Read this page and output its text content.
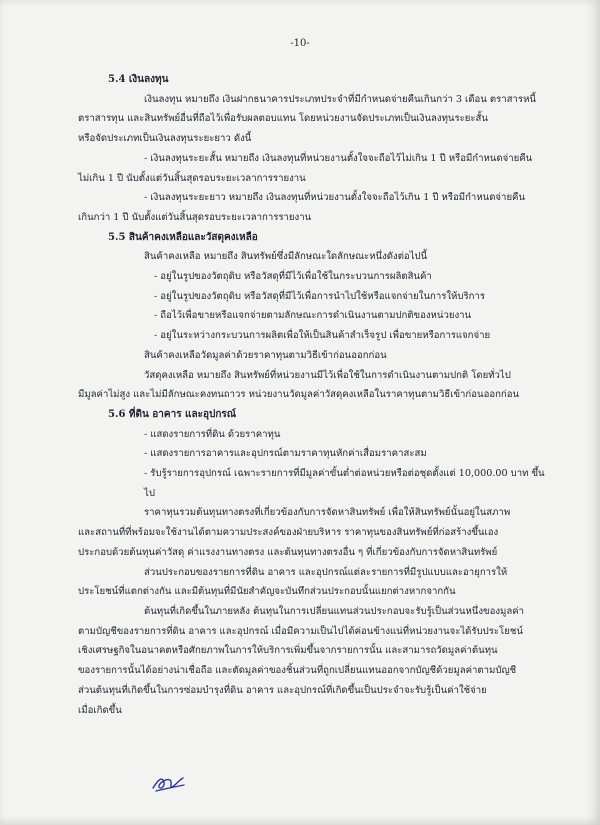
-10-

5.4 เงินลงทุน

เงินลงทุน หมายถึง เงินฝากธนาคารประเภทประจำที่มีกำหนดจ่ายคืนเกินกว่า 3 เดือน ตราสารหนี้

ตราสารทุน และสินทรัพย์อื่นที่ถือไว้เพื่อรับผลตอบแทน โดยหน่วยงานจัดประเภทเป็นเงินลงทุนระยะสั้น

หรือจัดประเภทเป็นเงินลงทุนระยะยาว ดังนี้

- เงินลงทุนระยะสั้น หมายถึง เงินลงทุนที่หน่วยงานตั้งใจจะถือไว้ไม่เกิน 1 ปี หรือมีกำหนดจ่ายคืน

ไม่เกิน 1 ปี นับตั้งแต่วันสิ้นสุดรอบระยะเวลาการรายงาน

- เงินลงทุนระยะยาว หมายถึง เงินลงทุนที่หน่วยงานตั้งใจจะถือไว้เกิน 1 ปี หรือมีกำหนดจ่ายคืน

เกินกว่า 1 ปี นับตั้งแต่วันสิ้นสุดรอบระยะเวลาการรายงาน

5.5 สินค้าคงเหลือและวัสดุคงเหลือ

สินค้าคงเหลือ หมายถึง สินทรัพย์ซึ่งมีลักษณะใดลักษณะหนึ่งดังต่อไปนี้

- อยู่ในรูปของวัตถุดิบ หรือวัสดุที่มีไว้เพื่อใช้ในกระบวนการผลิตสินค้า

- อยู่ในรูปของวัตถุดิบ หรือวัสดุที่มีไว้เพื่อการนำไปใช้หรือแจกจ่ายในการให้บริการ

- ถือไว้เพื่อขายหรือแจกจ่ายตามลักษณะการดำเนินงานตามปกติของหน่วยงาน

- อยู่ในระหว่างกระบวนการผลิตเพื่อให้เป็นสินค้าสำเร็จรูป เพื่อขายหรือการแจกจ่าย

สินค้าคงเหลือวัดมูลค่าด้วยราคาทุนตามวิธีเข้าก่อนออกก่อน

วัสดุคงเหลือ หมายถึง สินทรัพย์ที่หน่วยงานมีไว้เพื่อใช้ในการดำเนินงานตามปกติ โดยทั่วไป

มีมูลค่าไม่สูง และไม่มีลักษณะคงทนถาวร หน่วยงานวัดมูลค่าวัสดุคงเหลือในราคาทุนตามวิธีเข้าก่อนออกก่อน

5.6 ที่ดิน อาคาร และอุปกรณ์

- แสดงรายการที่ดิน ด้วยราคาทุน

- แสดงรายการอาคารและอุปกรณ์ตามราคาทุนหักค่าเสื่อมราคาสะสม

- รับรู้รายการอุปกรณ์ เฉพาะรายการที่มีมูลค่าขั้นต่ำต่อหน่วยหรือต่อชุดตั้งแต่ 10,000.00 บาท ขึ้นไป

ราคาทุนรวมต้นทุนทางตรงที่เกี่ยวข้องกับการจัดหาสินทรัพย์ เพื่อให้สินทรัพย์นั้นอยู่ในสภาพ

และสถานที่ที่พร้อมจะใช้งานได้ตามความประสงค์ของฝ่ายบริหาร ราคาทุนของสินทรัพย์ที่ก่อสร้างขึ้นเอง

ประกอบด้วยต้นทุนค่าวัสดุ ค่าแรงงานทางตรง และต้นทุนทางตรงอื่น ๆ ที่เกี่ยวข้องกับการจัดหาสินทรัพย์

ส่วนประกอบของรายการที่ดิน อาคาร และอุปกรณ์แต่ละรายการที่มีรูปแบบและอายุการให้

ประโยชน์ที่แตกต่างกัน และมีต้นทุนที่มีนัยสำคัญจะบันทึกส่วนประกอบนั้นแยกต่างหากจากกัน

ต้นทุนที่เกิดขึ้นในภายหลัง ต้นทุนในการเปลี่ยนแทนส่วนประกอบจะรับรู้เป็นส่วนหนึ่งของมูลค่า

ตามบัญชีของรายการที่ดิน อาคาร และอุปกรณ์ เมื่อมีความเป็นไปได้ค่อนข้างแน่ที่หน่วยงานจะได้รับประโยชน์

เชิงเศรษฐกิจในอนาคตหรือศักยภาพในการให้บริการเพิ่มขึ้นจากรายการนั้น และสามารถวัดมูลค่าต้นทุน

ของรายการนั้นได้อย่างน่าเชื่อถือ และตัดมูลค่าของชิ้นส่วนที่ถูกเปลี่ยนแทนออกจากบัญชีด้วยมูลค่าตามบัญชี

ส่วนต้นทุนที่เกิดขึ้นในการซ่อมบำรุงที่ดิน อาคาร และอุปกรณ์ที่เกิดขึ้นเป็นประจำจะรับรู้เป็นค่าใช้จ่าย

เมื่อเกิดขึ้น
